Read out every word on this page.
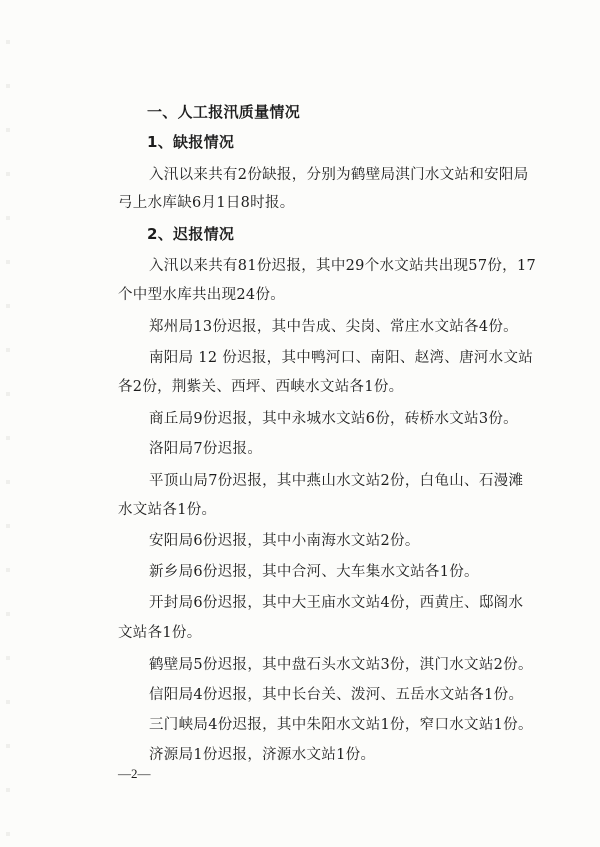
一、人工报汛质量情况
1、缺报情况
入汛以来共有2份缺报，分别为鹤壁局淇门水文站和安阳局
弓上水库缺6月1日8时报。
2、迟报情况
入汛以来共有81份迟报，其中29个水文站共出现57份，17
个中型水库共出现24份。
郑州局13份迟报，其中告成、尖岗、常庄水文站各4份。
南阳局 12 份迟报，其中鸭河口、南阳、赵湾、唐河水文站
各2份，荆紫关、西坪、西峡水文站各1份。
商丘局9份迟报，其中永城水文站6份，砖桥水文站3份。
洛阳局7份迟报。
平顶山局7份迟报，其中燕山水文站2份，白龟山、石漫滩
水文站各1份。
安阳局6份迟报，其中小南海水文站2份。
新乡局6份迟报，其中合河、大车集水文站各1份。
开封局6份迟报，其中大王庙水文站4份，西黄庄、邸阁水
文站各1份。
鹤壁局5份迟报，其中盘石头水文站3份，淇门水文站2份。
信阳局4份迟报，其中长台关、泼河、五岳水文站各1份。
三门峡局4份迟报，其中朱阳水文站1份，窄口水文站1份。
济源局1份迟报，济源水文站1份。
—2—
